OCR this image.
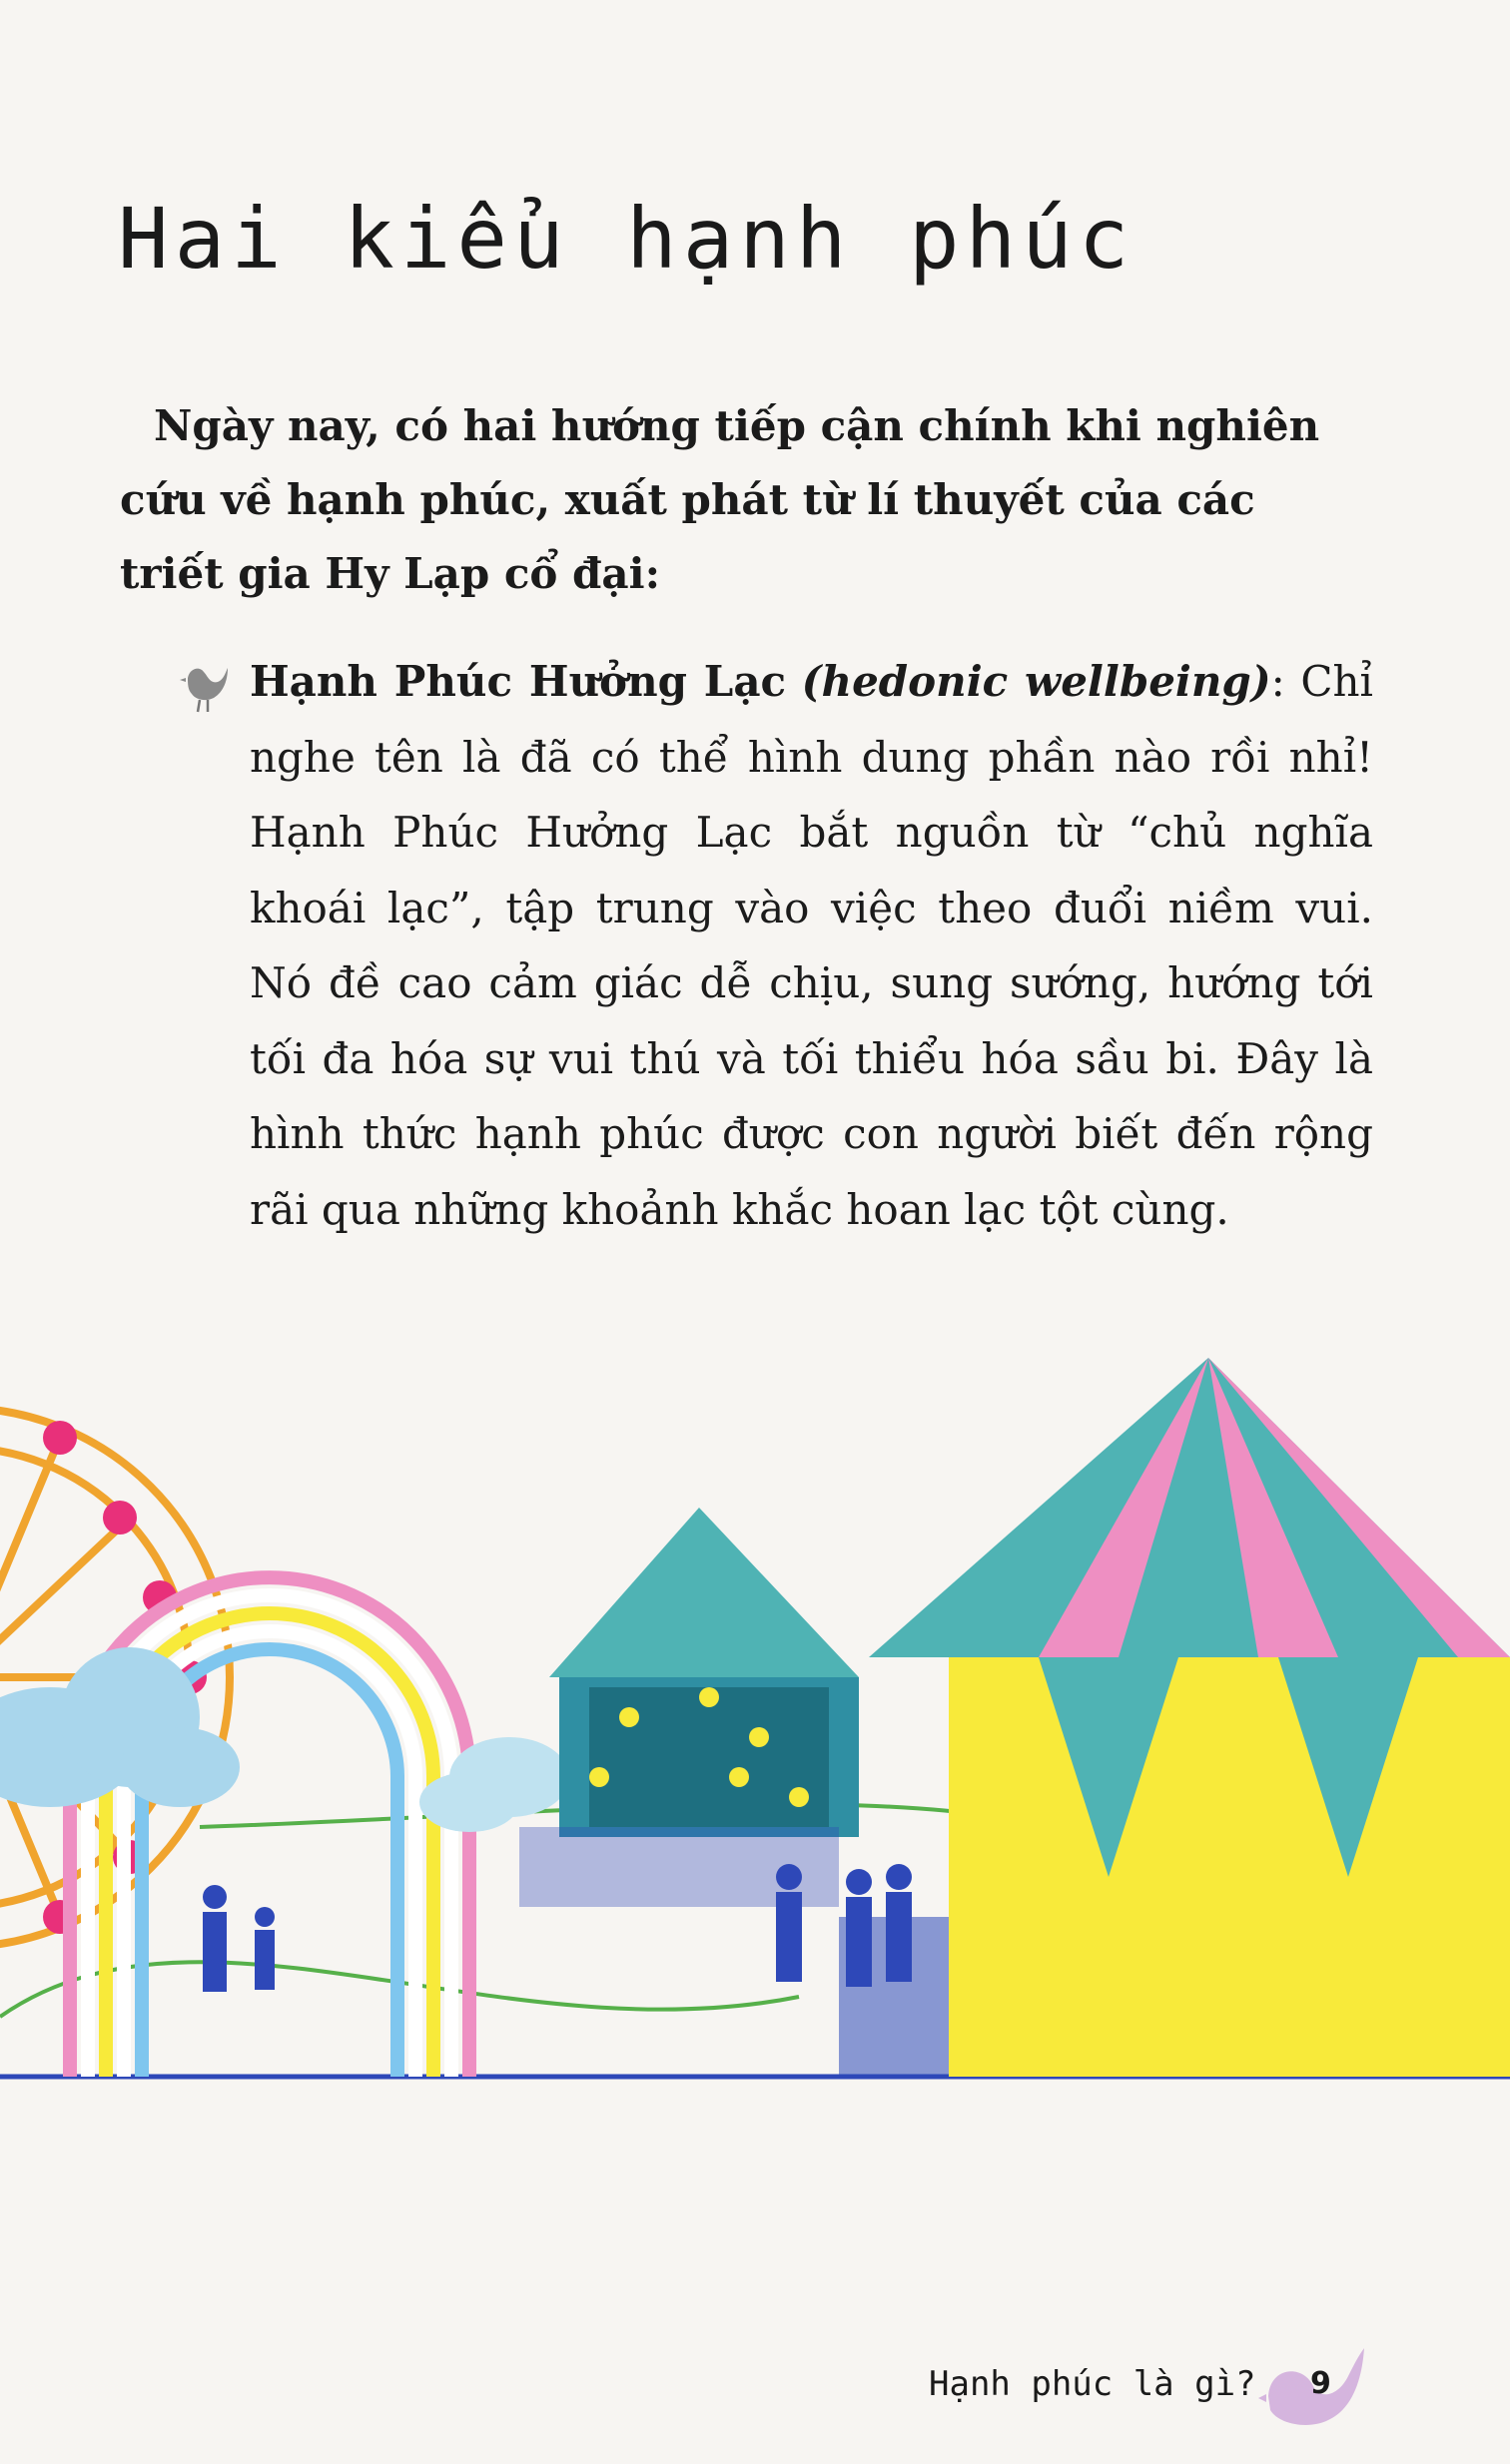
Hai kiểu hạnh phúc

Ngày nay, có hai hướng tiếp cận chính khi nghiên cứu về hạnh phúc, xuất phát từ lí thuyết của các triết gia Hy Lạp cổ đại:

Hạnh Phúc Hưởng Lạc (hedonic wellbeing): Chỉ nghe tên là đã có thể hình dung phần nào rồi nhỉ! Hạnh Phúc Hưởng Lạc bắt nguồn từ “chủ nghĩa khoái lạc”, tập trung vào việc theo đuổi niềm vui. Nó đề cao cảm giác dễ chịu, sung sướng, hướng tới tối đa hóa sự vui thú và tối thiểu hóa sầu bi. Đây là hình thức hạnh phúc được con người biết đến rộng rãi qua những khoảnh khắc hoan lạc tột cùng.

Hạnh phúc là gì? 9
